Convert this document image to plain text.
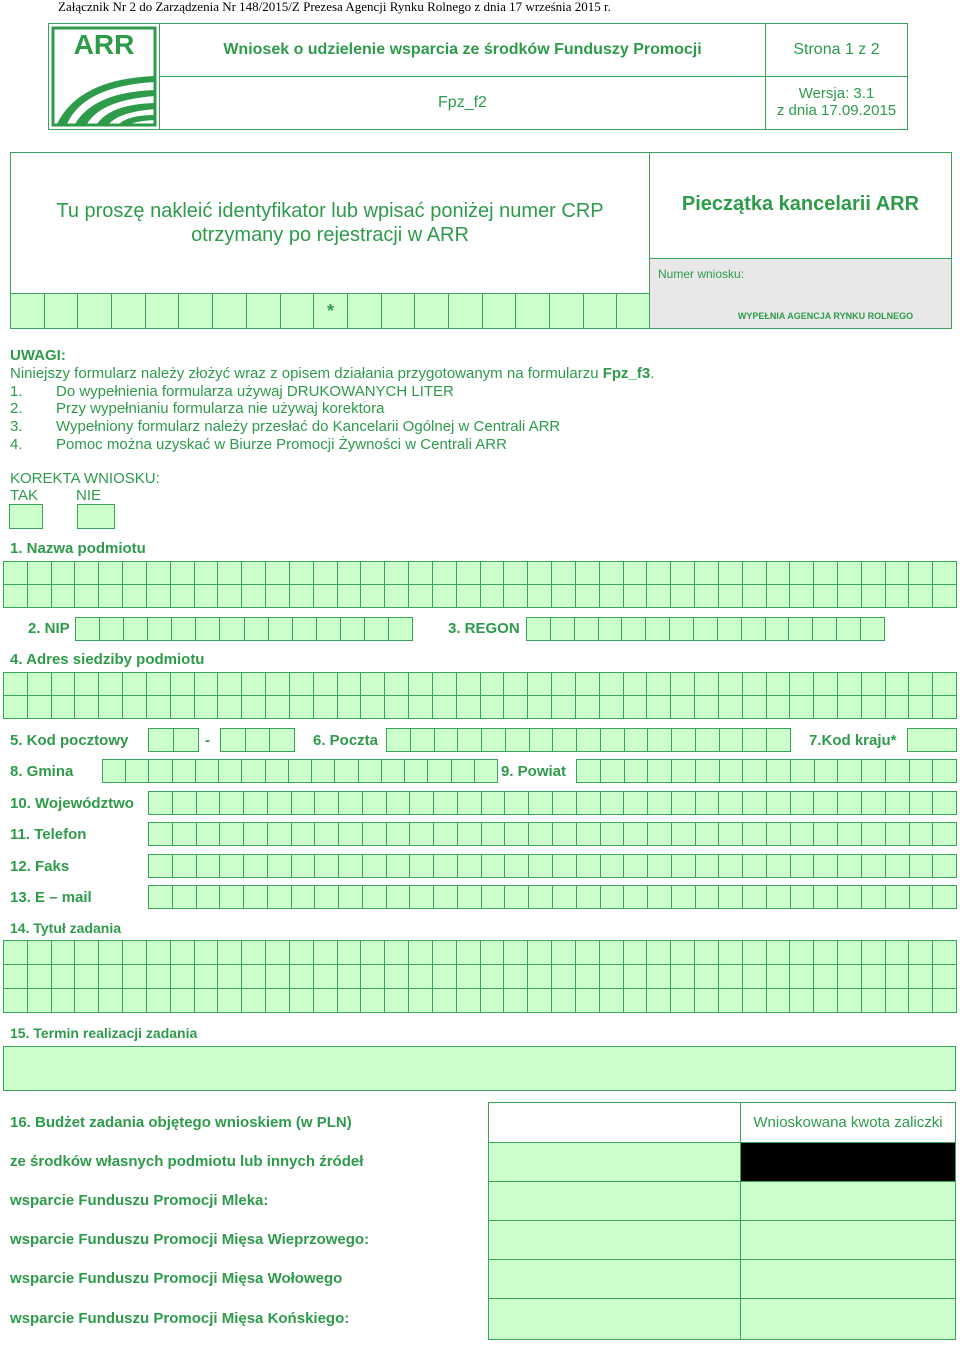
Załącznik Nr 2 do Zarządzenia Nr 148/2015/Z Prezesa Agencji Rynku Rolnego z dnia 17 września 2015 r.
ARR	Wniosek o udzielenie wsparcia ze środków Funduszy Promocji	Strona 1 z 2
Fpz_f2
Wersja: 3.1
z dnia 17.09.2015
Tu proszę nakleić identyfikator lub wpisać poniżej numer CRP otrzymany po rejestracji w ARR
*
Pieczątka kancelarii ARR
Numer wniosku:
WYPEŁNIA AGENCJA RYNKU ROLNEGO
UWAGI:
Niniejszy formularz należy złożyć wraz z opisem działania przygotowanym na formularzu Fpz_f3.
1. Do wypełnienia formularza używaj DRUKOWANYCH LITER
2. Przy wypełnianiu formularza nie używaj korektora
3. Wypełniony formularz należy przesłać do Kancelarii Ogólnej w Centrali ARR
4. Pomoc można uzyskać w Biurze Promocji Żywności w Centrali ARR
KOREKTA WNIOSKU:
TAK	NIE
1. Nazwa podmiotu
2. NIP	3. REGON
4. Adres siedziby podmiotu
5. Kod pocztowy	-	6. Poczta	7.Kod kraju*
8. Gmina	9. Powiat
10. Województwo
11. Telefon
12. Faks
13. E – mail
14. Tytuł zadania
15. Termin realizacji zadania
16. Budżet zadania objętego wnioskiem (w PLN)	Wnioskowana kwota zaliczki
ze środków własnych podmiotu lub innych źródeł
wsparcie Funduszu Promocji Mleka:
wsparcie Funduszu Promocji Mięsa Wieprzowego:
wsparcie Funduszu Promocji Mięsa Wołowego
wsparcie Funduszu Promocji Mięsa Końskiego:
